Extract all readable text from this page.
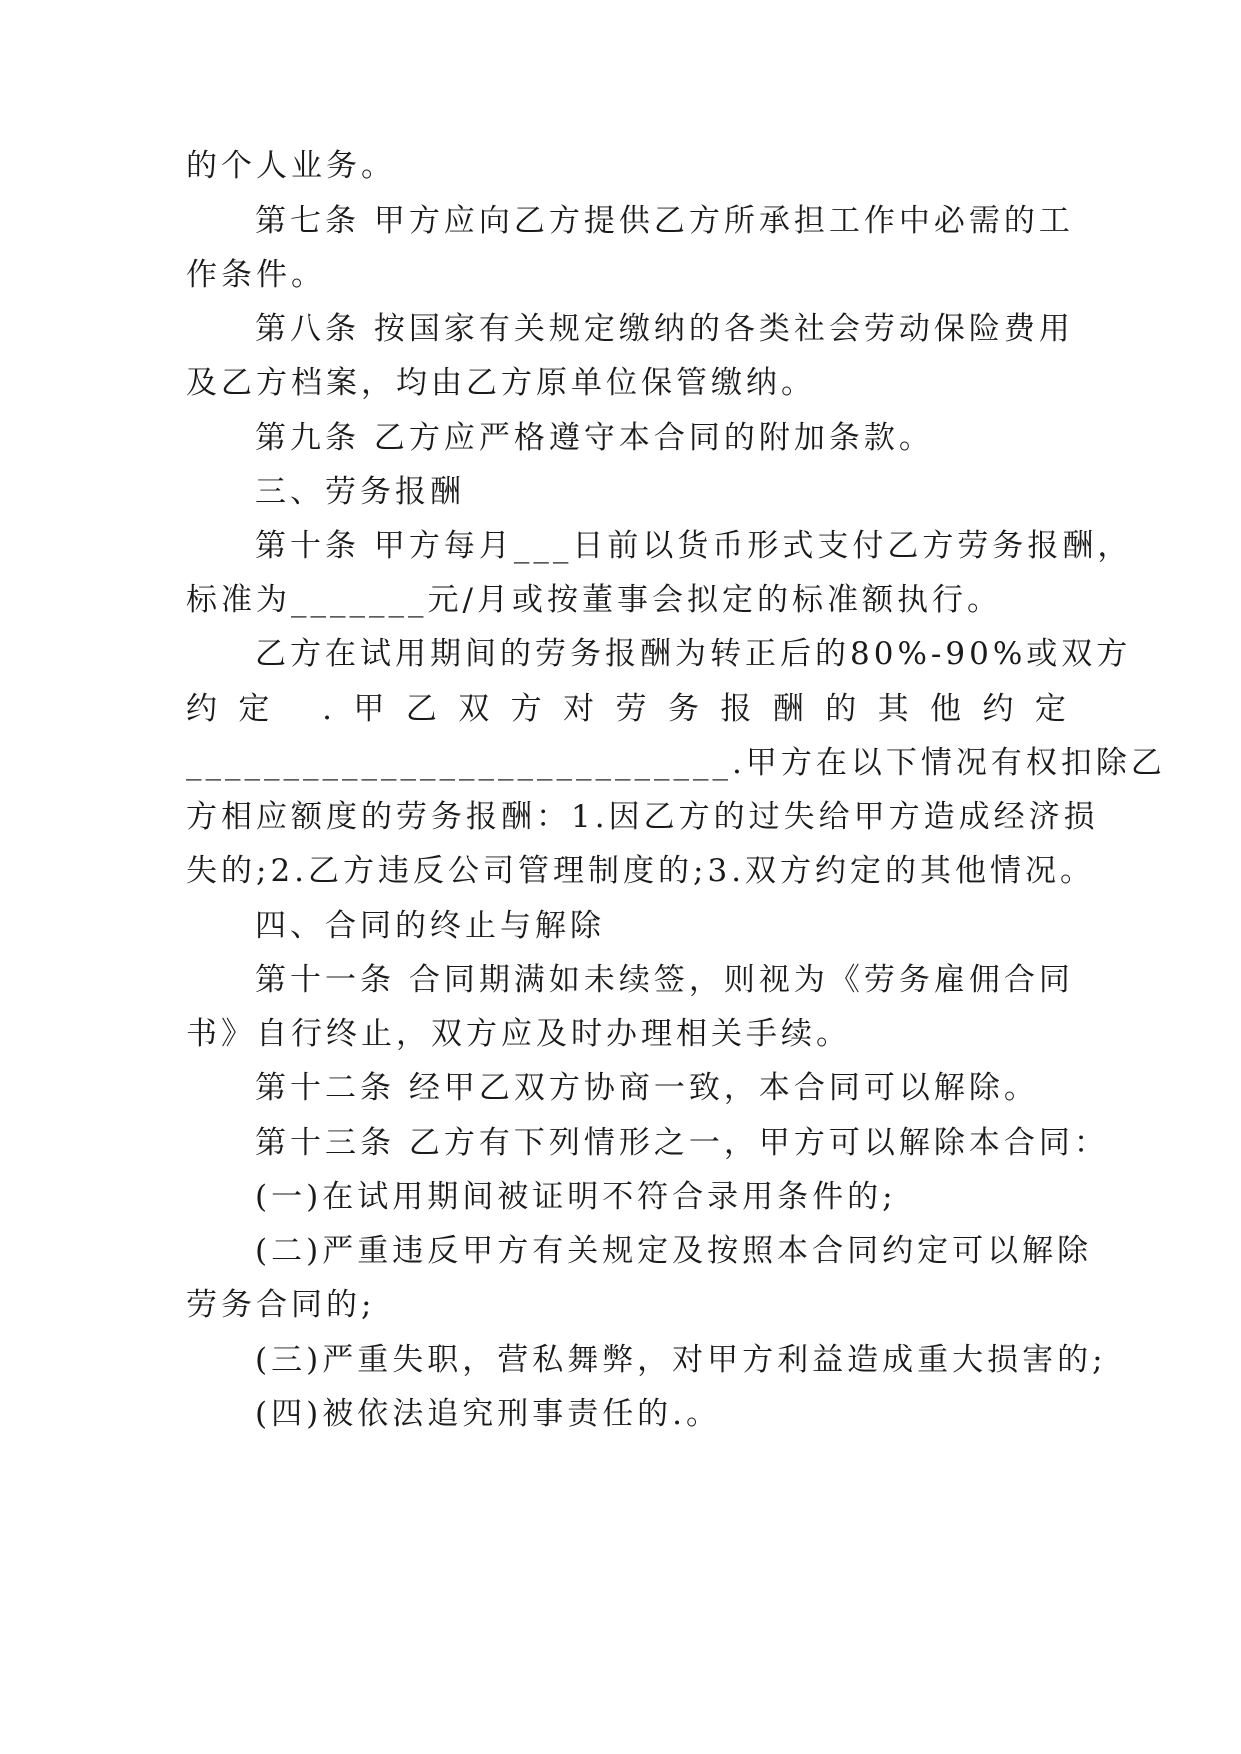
的个人业务。
第七条 甲方应向乙方提供乙方所承担工作中必需的工
作条件。
第八条 按国家有关规定缴纳的各类社会劳动保险费用
及乙方档案，均由乙方原单位保管缴纳。
第九条 乙方应严格遵守本合同的附加条款。
三、劳务报酬
第十条 甲方每月___日前以货币形式支付乙方劳务报酬，
标准为_______元/月或按董事会拟定的标准额执行。
乙方在试用期间的劳务报酬为转正后的80%-90%或双方
约 定
. 甲 乙 双 方 对 劳 务 报 酬 的 其 他 约 定
____________________________.甲方在以下情况有权扣除乙
方相应额度的劳务报酬：1.因乙方的过失给甲方造成经济损
失的;2.乙方违反公司管理制度的;3.双方约定的其他情况。
四、合同的终止与解除
第十一条 合同期满如未续签，则视为《劳务雇佣合同
书》自行终止，双方应及时办理相关手续。
第十二条 经甲乙双方协商一致，本合同可以解除。
第十三条 乙方有下列情形之一，甲方可以解除本合同：
(一)在试用期间被证明不符合录用条件的;
(二)严重违反甲方有关规定及按照本合同约定可以解除
劳务合同的;
(三)严重失职，营私舞弊，对甲方利益造成重大损害的;
(四)被依法追究刑事责任的.。
